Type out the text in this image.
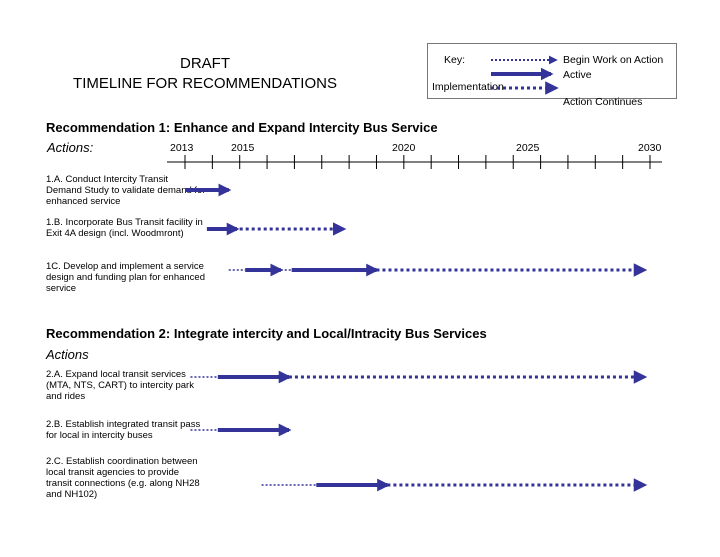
DRAFT
TIMELINE FOR RECOMMENDATIONS
Key:	Begin Work on Action
Active
Implementation
Action Continues
Recommendation 1: Enhance and Expand Intercity Bus Service
Actions:	2013	2015	2020	2025	2030
1.A. Conduct Intercity Transit Demand Study to validate demand for enhanced service
1.B. Incorporate Bus Transit facility in Exit 4A design (incl. Woodmront)
1C. Develop and implement a service design and funding plan for enhanced service
Recommendation 2: Integrate intercity and Local/Intracity Bus Services
Actions
2.A. Expand local transit services (MTA, NTS, CART) to intercity park and rides
2.B. Establish integrated transit pass for local in intercity buses
2.C. Establish coordination between local transit agencies to provide transit connections (e.g. along NH28 and NH102)
